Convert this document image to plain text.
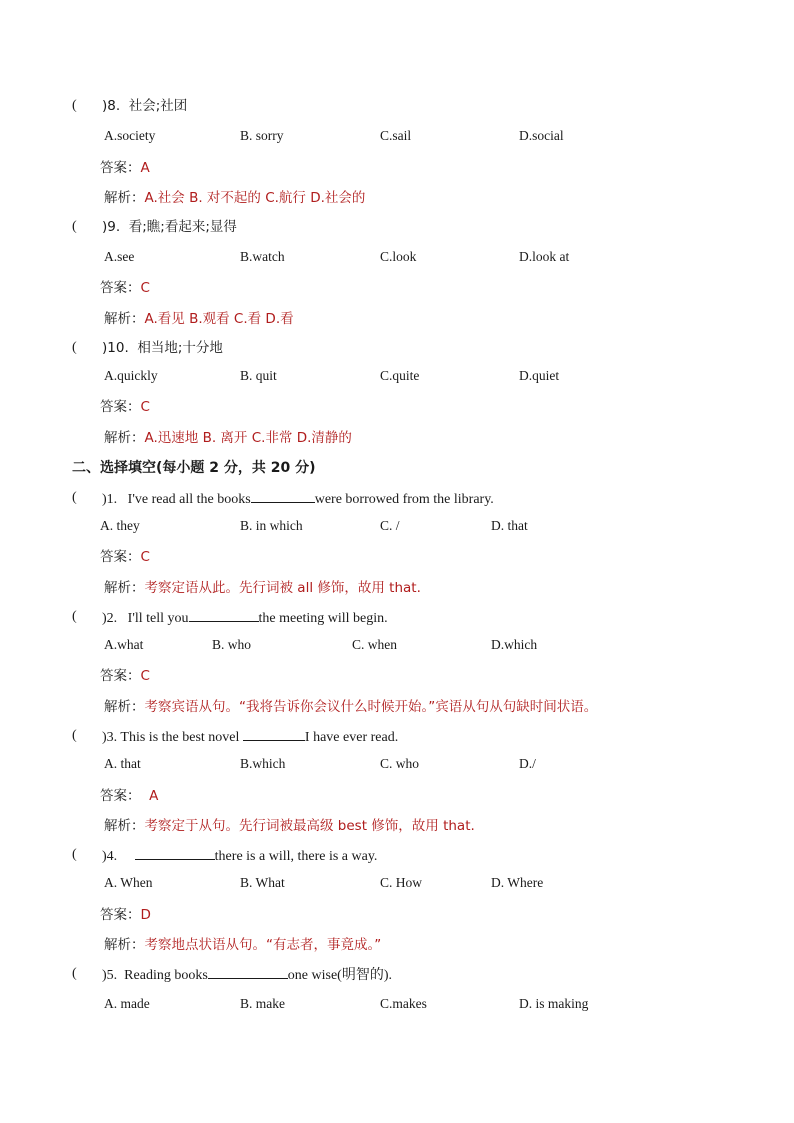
( )8. 社会;社团
A.society	B. sorry	C.sail	D.social
答案：A
解析：A.社会 B. 对不起的 C.航行 D.社会的
( )9. 看;瞧;看起来;显得
A.see	B.watch	C.look	D.look at
答案：C
解析：A.看见 B.观看 C.看 D.看
( )10. 相当地;十分地
A.quickly	B. quit	C.quite	D.quiet
答案：C
解析：A.迅速地 B. 离开 C.非常 D.清静的
二、选择填空(每小题 2 分，共 20 分)
( )1. I've read all the books	were borrowed from the library.
A. they	B. in which	C. /	D. that
答案：C
解析：考察定语从此。先行词被 all 修饰，故用 that.
( )2. I'll tell you	the meeting will begin.
A.what	B. who	C. when	D.which
答案：C
解析：考察宾语从句。“我将告诉你会议什么时候开始。”宾语从句从句缺时间状语。
( )3. This is the best novel	I have ever read.
A. that	B.which	C. who	D./
答案： A
解析：考察定于从句。先行词被最高级 best 修饰，故用 that.
( )4.	there is a will, there is a way.
A. When	B. What	C. How	D. Where
答案：D
解析：考察地点状语从句。“有志者，事竟成。”
( )5. Reading books	one wise(明智的).
A. made	B. make	C.makes	D. is making
